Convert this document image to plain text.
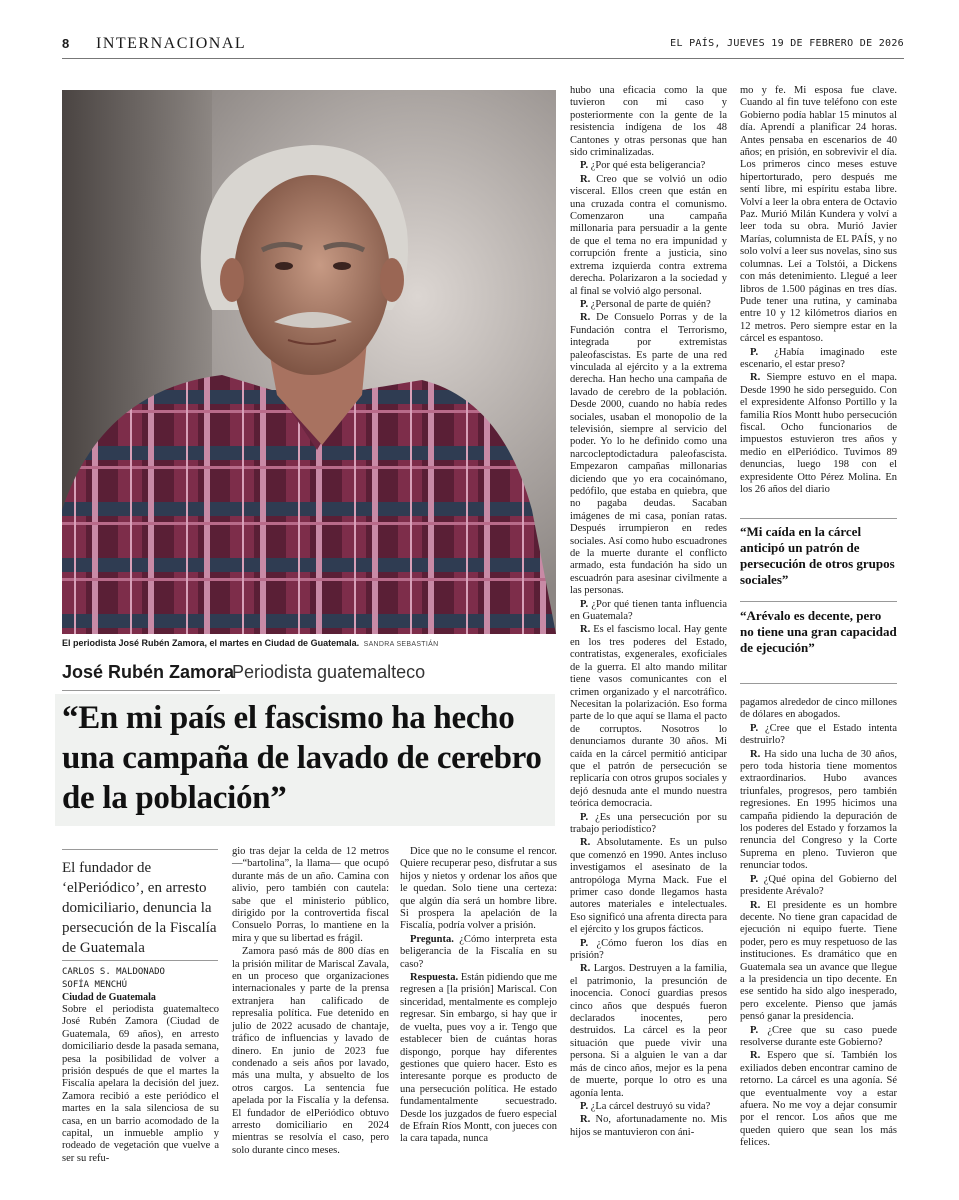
8 INTERNACIONAL	EL PAÍS, JUEVES 19 DE FEBRERO DE 2026
El periodista José Rubén Zamora, el martes en Ciudad de Guatemala. SANDRA SEBASTIÁN
José Rubén Zamora
Periodista guatemalteco
“En mi país el fascismo ha hecho una campaña de lavado de cerebro de la población”
El fundador de ‘elPeriódico’, en arresto domiciliario, denuncia la persecución de la Fiscalía de Guatemala
CARLOS S. MALDONADO
SOFÍA MENCHÚ
Ciudad de Guatemala

Sobre el periodista guatemalteco José Rubén Zamora (Ciudad de Guatemala, 69 años), en arresto domiciliario desde la pasada semana, pesa la posibilidad de volver a prisión después de que el martes la Fiscalía apelara la decisión del juez. Zamora recibió a este periódico el martes en la sala silenciosa de su casa, en un barrio acomodado de la capital, un inmueble amplio y rodeado de vegetación que vuelve a ser su refu-

gio tras dejar la celda de 12 metros —“bartolina”, la llama— que ocupó durante más de un año. Camina con alivio, pero también con cautela: sabe que el ministerio público, dirigido por la controvertida fiscal Consuelo Porras, lo mantiene en la mira y que su libertad es frágil.

Zamora pasó más de 800 días en la prisión militar de Mariscal Zavala, en un proceso que organizaciones internacionales y parte de la prensa extranjera han calificado de represalia política. Fue detenido en julio de 2022 acusado de chantaje, tráfico de influencias y lavado de dinero. En junio de 2023 fue condenado a seis años por lavado, más una multa, y absuelto de los otros cargos. La sentencia fue apelada por la Fiscalía y la defensa. El fundador de elPeriódico obtuvo arresto domiciliario en 2024 mientras se resolvía el caso, pero solo durante cinco meses.

Dice que no le consume el rencor. Quiere recuperar peso, disfrutar a sus hijos y nietos y ordenar los años que le quedan. Solo tiene una certeza: que algún día será un hombre libre. Si prospera la apelación de la Fiscalía, podría volver a prisión.

Pregunta. ¿Cómo interpreta esta beligerancia de la Fiscalía en su caso?

Respuesta. Están pidiendo que me regresen a [la prisión] Mariscal. Con sinceridad, mentalmente es complejo regresar. Sin embargo, si hay que ir de vuelta, pues voy a ir. Tengo que establecer bien de cuántas horas dispongo, porque hay diferentes gestiones que quiero hacer. Esto es interesante porque es producto de una persecución política. He estado fundamentalmente secuestrado. Desde los juzgados de fuero especial de Efraín Ríos Montt, con jueces con la cara tapada, nunca

hubo una eficacia como la que tuvieron con mi caso y posteriormente con la gente de la resistencia indígena de los 48 Cantones y otras personas que han sido criminalizadas.

P. ¿Por qué esta beligerancia?

R. Creo que se volvió un odio visceral. Ellos creen que están en una cruzada contra el comunismo. Comenzaron una campaña millonaria para persuadir a la gente de que el tema no era impunidad y corrupción frente a justicia, sino extrema izquierda contra extrema derecha. Polarizaron a la sociedad y al final se volvió algo personal.

P. ¿Personal de parte de quién?

R. De Consuelo Porras y de la Fundación contra el Terrorismo, integrada por extremistas paleofascistas. Es parte de una red vinculada al ejército y a la extrema derecha. Han hecho una campaña de lavado de cerebro de la población. Desde 2000, cuando no había redes sociales, usaban el monopolio de la televisión, siempre al servicio del poder. Yo lo he definido como una narcocleptodictadura paleofascista. Empezaron campañas millonarias diciendo que yo era cocainómano, pedófilo, que estaba en quiebra, que no pagaba deudas. Sacaban imágenes de mi casa, ponían ratas. Después irrumpieron en redes sociales. Así como hubo escuadrones de la muerte durante el conflicto armado, esta fundación ha sido un escuadrón para asesinar civilmente a las personas.

P. ¿Por qué tienen tanta influencia en Guatemala?

R. Es el fascismo local. Hay gente en los tres poderes del Estado, contratistas, exgenerales, exoficiales de la guerra. El alto mando militar tiene vasos comunicantes con el crimen organizado y el narcotráfico. Necesitan la polarización. Eso forma parte de lo que aquí se llama el pacto de corruptos. Nosotros lo denunciamos durante 30 años. Mi caída en la cárcel permitió anticipar que el patrón de persecución se replicaría con otros grupos sociales y dejó desnuda ante el mundo nuestra teórica democracia.

P. ¿Es una persecución por su trabajo periodístico?

R. Absolutamente. Es un pulso que comenzó en 1990. Antes incluso investigamos el asesinato de la antropóloga Myrna Mack. Fue el primer caso donde llegamos hasta autores materiales e intelectuales. Eso significó una afrenta directa para el ejército y los grupos fácticos.

P. ¿Cómo fueron los días en prisión?

R. Largos. Destruyen a la familia, el patrimonio, la presunción de inocencia. Conocí guardias presos cinco años que después fueron declarados inocentes, pero destruidos. La cárcel es la peor situación que puede vivir una persona. Si a alguien le van a dar más de cinco años, mejor es la pena de muerte, porque lo otro es una agonía lenta.

P. ¿La cárcel destruyó su vida?

R. No, afortunadamente no. Mis hijos se mantuvieron con áni-

mo y fe. Mi esposa fue clave. Cuando al fin tuve teléfono con este Gobierno podía hablar 15 minutos al día. Aprendí a planificar 24 horas. Antes pensaba en escenarios de 40 años; en prisión, en sobrevivir el día. Los primeros cinco meses estuve hipertorturado, pero después me sentí libre, mi espíritu estaba libre. Volví a leer la obra entera de Octavio Paz. Murió Milán Kundera y volví a leer toda su obra. Murió Javier Marías, columnista de EL PAÍS, y no solo volví a leer sus novelas, sino sus columnas. Leí a Tolstói, a Dickens con más detenimiento. Llegué a leer libros de 1.500 páginas en tres días. Pude tener una rutina, y caminaba entre 10 y 12 kilómetros diarios en 12 metros. Pero siempre estar en la cárcel es espantoso.

P. ¿Había imaginado este escenario, el estar preso?

R. Siempre estuvo en el mapa. Desde 1990 he sido perseguido. Con el expresidente Alfonso Portillo y la familia Ríos Montt hubo persecución fiscal. Ocho funcionarios de impuestos estuvieron tres años y medio en elPeriódico. Tuvimos 89 denuncias, luego 198 con el expresidente Otto Pérez Molina. En los 26 años del diario

“Mi caída en la cárcel anticipó un patrón de persecución de otros grupos sociales”
“Arévalo es decente, pero no tiene una gran capacidad de ejecución”

pagamos alrededor de cinco millones de dólares en abogados.

P. ¿Cree que el Estado intenta destruirlo?

R. Ha sido una lucha de 30 años, pero toda historia tiene momentos extraordinarios. Hubo avances triunfales, progresos, pero también regresiones. En 1995 hicimos una campaña pidiendo la depuración de los poderes del Estado y forzamos la renuncia del Congreso y la Corte Suprema en pleno. Tuvieron que renunciar todos.

P. ¿Qué opina del Gobierno del presidente Arévalo?

R. El presidente es un hombre decente. No tiene gran capacidad de ejecución ni equipo fuerte. Tiene poder, pero es muy respetuoso de las instituciones. Es dramático que en Guatemala sea un avance que llegue a la presidencia un tipo decente. En ese sentido ha sido algo inesperado, pero excelente. Pienso que jamás pensó ganar la presidencia.

P. ¿Cree que su caso puede resolverse durante este Gobierno?

R. Espero que sí. También los exiliados deben encontrar camino de retorno. La cárcel es una agonía. Sé que eventualmente voy a estar afuera. No me voy a dejar consumir por el rencor. Los años que me queden quiero que sean los más felices.
